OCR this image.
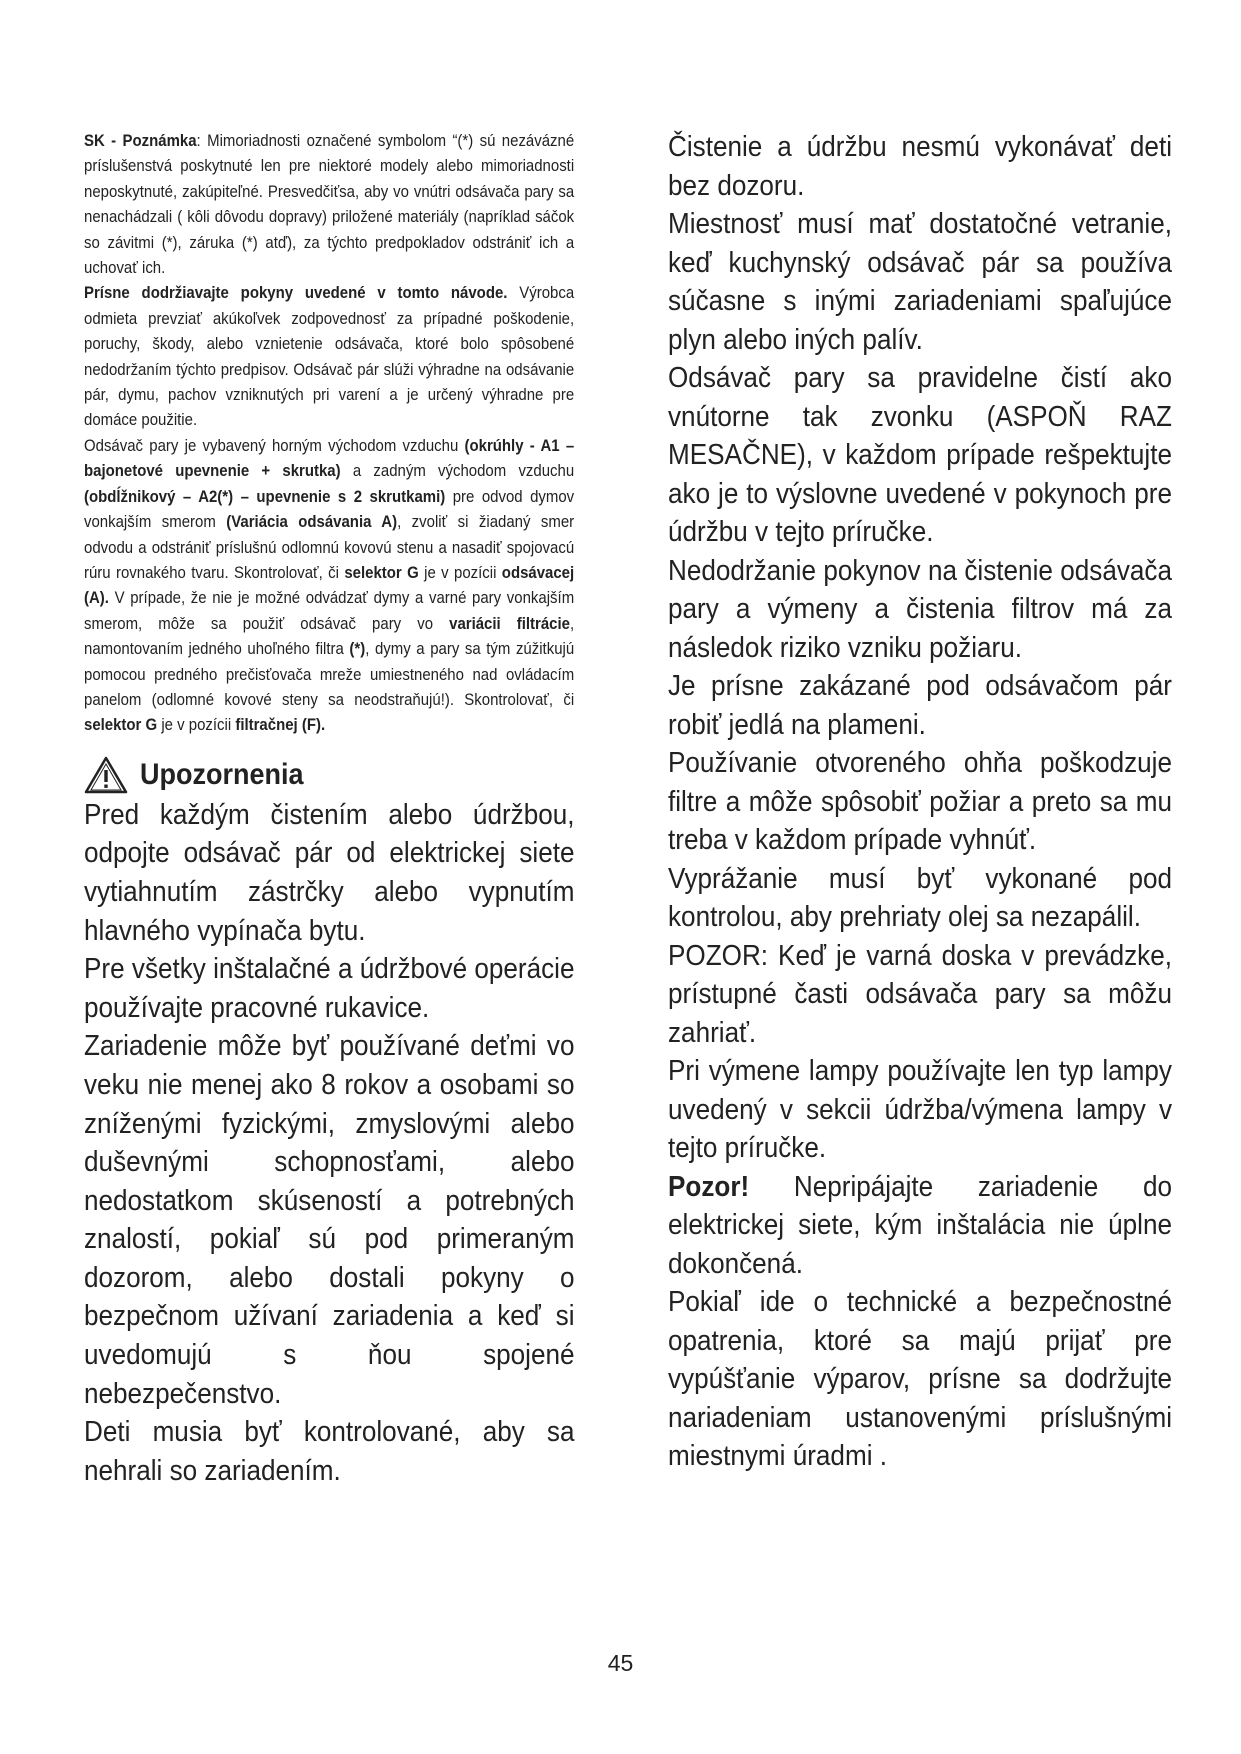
SK - Poznámka: Mimoriadnosti označené symbolom “(*) sú nezávázné príslušenstvá poskytnuté len pre niektoré modely alebo mimoriadnosti neposkytnuté, zakúpiteľné. Presvedčiťsa, aby vo vnútri odsávača pary sa nenachádzali ( kôli dôvodu dopravy) priložené materiály (napríklad sáčok so závitmi (*), záruka (*) atď), za týchto predpokladov odstrániť ich a uchovať ich.

Prísne dodržiavajte pokyny uvedené v tomto návode. Výrobca odmieta prevziať akúkoľvek zodpovednosť za prípadné poškodenie, poruchy, škody, alebo vznietenie odsávača, ktoré bolo spôsobené nedodržaním týchto predpisov. Odsávač pár slúži výhradne na odsávanie pár, dymu, pachov vzniknutých pri varení a je určený výhradne pre domáce použitie.

Odsávač pary je vybavený horným východom vzduchu (okrúhly - A1 – bajonetové upevnenie + skrutka) a zadným východom vzduchu (obdĺžnikový – A2(*) – upevnenie s 2 skrutkami) pre odvod dymov vonkajším smerom (Variácia odsávania A), zvoliť si žiadaný smer odvodu a odstrániť príslušnú odlomnú kovovú stenu a nasadiť spojovacú rúru rovnakého tvaru. Skontrolovať, či selektor G je v pozícii odsávacej (A). V prípade, že nie je možné odvádzať dymy a varné pary vonkajším smerom, môže sa použiť odsávač pary vo variácii filtrácie, namontovaním jedného uhoľného filtra (*), dymy a pary sa tým zúžitkujú pomocou predného prečisťovača mreže umiestneného nad ovládacím panelom (odlomné kovové steny sa neodstraňujú!). Skontrolovať, či selektor G je v pozícii filtračnej (F).

Upozornenia

Pred každým čistením alebo údržbou, odpojte odsávač pár od elektrickej siete vytiahnutím zástrčky alebo vypnutím hlavného vypínača bytu.

Pre všetky inštalačné a údržbové operácie používajte pracovné rukavice.

Zariadenie môže byť používané deťmi vo veku nie menej ako 8 rokov a osobami so zníženými fyzickými, zmyslovými alebo duševnými schopnosťami, alebo nedostatkom skúseností a potrebných znalostí, pokiaľ sú pod primeraným dozorom, alebo dostali pokyny o bezpečnom užívaní zariadenia a keď si uvedomujú s ňou spojené nebezpečenstvo.

Deti musia byť kontrolované, aby sa nehrali so zariadením.

Čistenie a údržbu nesmú vykonávať deti bez dozoru.

Miestnosť musí mať dostatočné vetranie, keď kuchynský odsávač pár sa používa súčasne s inými zariadeniami spaľujúce plyn alebo iných palív.

Odsávač pary sa pravidelne čistí ako vnútorne tak zvonku (ASPOŇ RAZ MESAČNE), v každom prípade rešpektujte ako je to výslovne uvedené v pokynoch pre údržbu v tejto príručke.

Nedodržanie pokynov na čistenie odsávača pary a výmeny a čistenia filtrov má za následok riziko vzniku požiaru.

Je prísne zakázané pod odsávačom pár robiť jedlá na plameni.

Používanie otvoreného ohňa poškodzuje filtre a môže spôsobiť požiar a preto sa mu treba v každom prípade vyhnúť.

Vyprážanie musí byť vykonané pod kontrolou, aby prehriaty olej sa nezapálil.

POZOR: Keď je varná doska v prevádzke, prístupné časti odsávača pary sa môžu zahriať.

Pri výmene lampy používajte len typ lampy uvedený v sekcii údržba/výmena lampy v tejto príručke.

Pozor! Nepripájajte zariadenie do elektrickej siete, kým inštalácia nie úplne dokončená.

Pokiaľ ide o technické a bezpečnostné opatrenia, ktoré sa majú prijať pre vypúšťanie výparov, prísne sa dodržujte nariadeniam ustanovenými príslušnými miestnymi úradmi .

45
